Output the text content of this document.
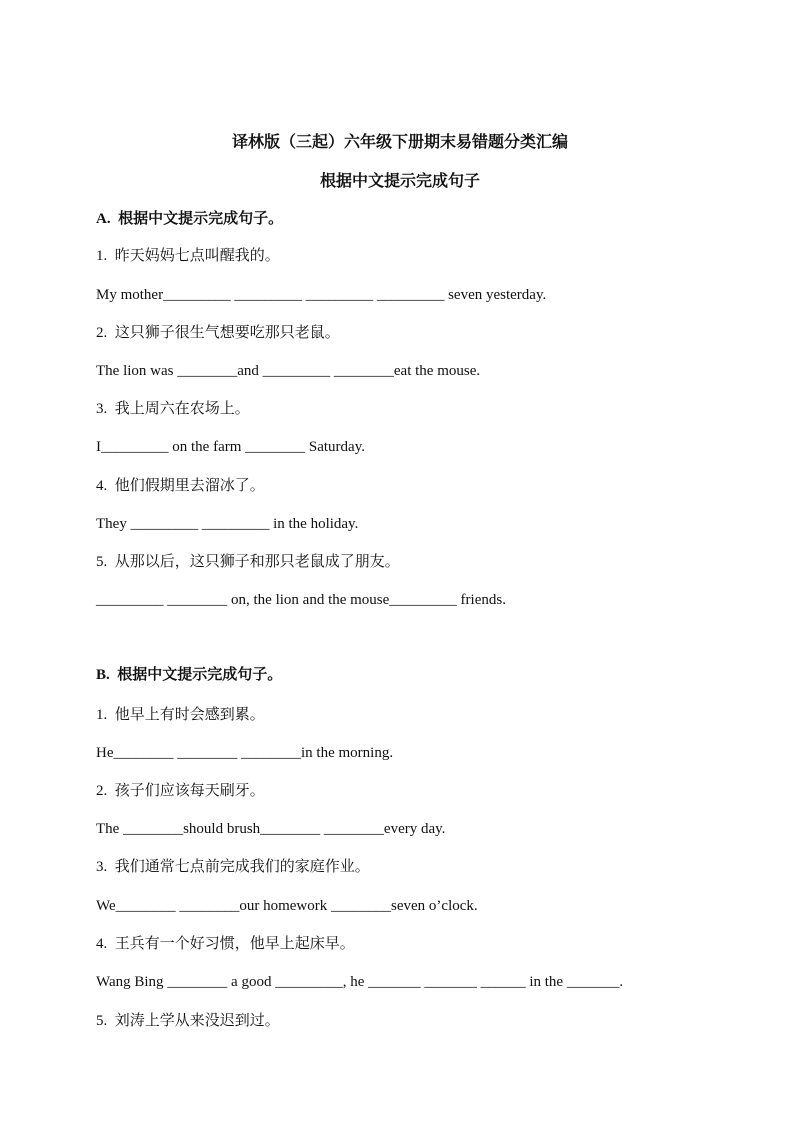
译林版（三起）六年级下册期末易错题分类汇编
根据中文提示完成句子
A.  根据中文提示完成句子。
1.  昨天妈妈七点叫醒我的。
My mother_________ _________ _________ _________ seven yesterday.
2.  这只狮子很生气想要吃那只老鼠。
The lion was ________and _________ ________eat the mouse.
3.  我上周六在农场上。
I_________ on the farm ________ Saturday.
4.  他们假期里去溜冰了。
They _________ _________ in the holiday.
5.  从那以后，这只狮子和那只老鼠成了朋友。
_________ ________ on, the lion and the mouse_________ friends.
B.  根据中文提示完成句子。
1.  他早上有时会感到累。
He________ ________ ________in the morning.
2.  孩子们应该每天刷牙。
The ________should brush________ ________every day.
3.  我们通常七点前完成我们的家庭作业。
We________ ________our homework ________seven o’clock.
4.  王兵有一个好习惯，他早上起床早。
Wang Bing ________ a good _________, he _______ _______ ______ in the _______.
5.  刘涛上学从来没迟到过。
